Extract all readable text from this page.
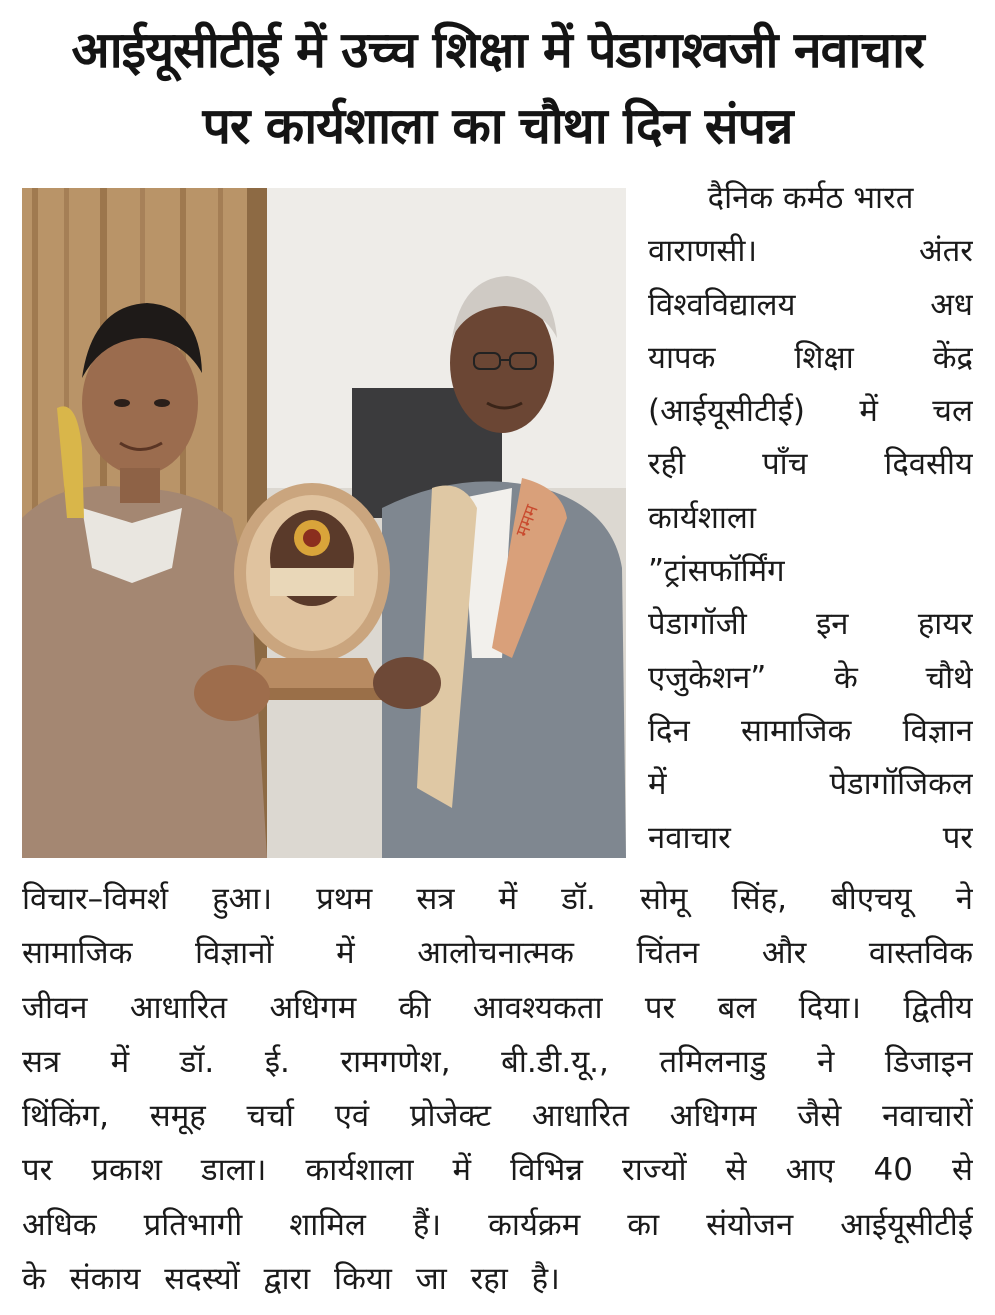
आईयूसीटीई में उच्च शिक्षा में पेडागश्वजी नवाचार
पर कार्यशाला का चौथा दिन संपन्न
ममम

दैनिक कर्मठ भारत

वाराणसी। अंतर

विश्वविद्यालय अध

यापक शिक्षा केंद्र

(आईयूसीटीई) में चल

रही पाँच दिवसीय

कार्यशाला

”ट्रांसफॉर्मिंग

पेडागॉजी इन हायर

एजुकेशन” के चौथे

दिन सामाजिक विज्ञान

में पेडागॉजिकल

नवाचार पर

विचार–विमर्श हुआ। प्रथम सत्र में डॉ. सोमू सिंह, बीएचयू ने

सामाजिक विज्ञानों में आलोचनात्मक चिंतन और वास्तविक

जीवन आधारित अधिगम की आवश्यकता पर बल दिया। द्वितीय

सत्र में डॉ. ई. रामगणेश, बी.डी.यू., तमिलनाडु ने डिजाइन

थिंकिंग, समूह चर्चा एवं प्रोजेक्ट आधारित अधिगम जैसे नवाचारों

पर प्रकाश डाला। कार्यशाला में विभिन्न राज्यों से आए 40 से

अधिक प्रतिभागी शामिल हैं। कार्यक्रम का संयोजन आईयूसीटीई

के संकाय सदस्यों द्वारा किया जा रहा है।
